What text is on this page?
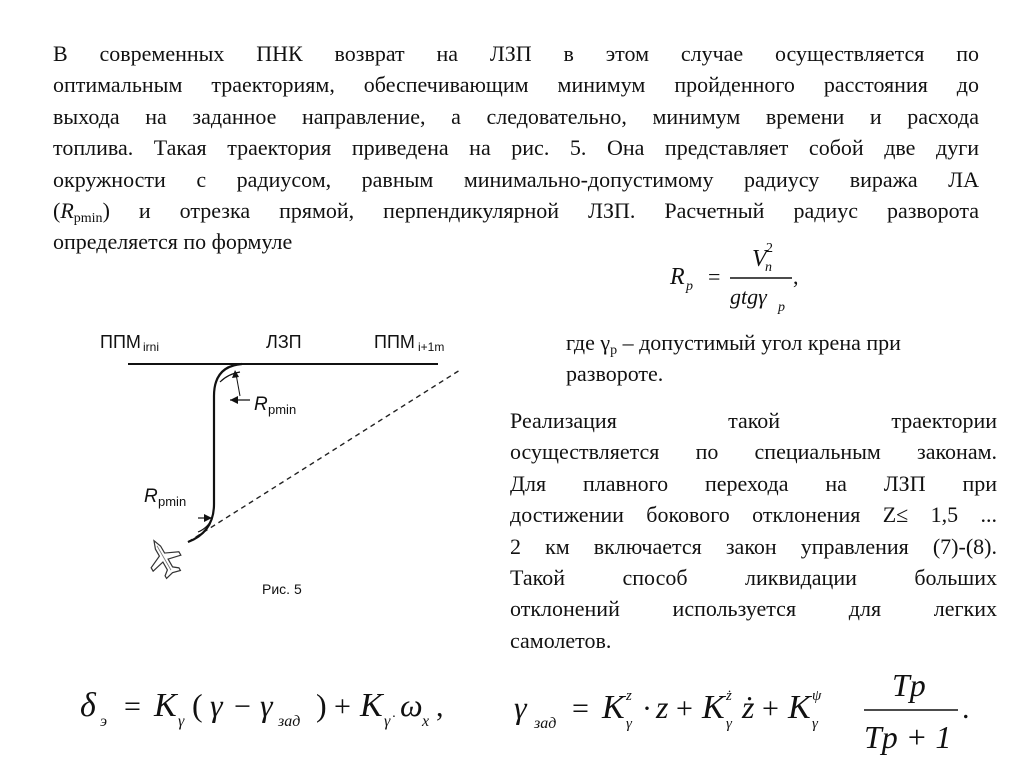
В современных ПНК возврат на ЛЗП в этом случае осуществляется по
оптимальным траекториям, обеспечивающим минимум пройденного расстояния до
выхода на заданное направление, а следовательно, минимум времени и расхода
топлива. Такая траектория приведена на рис. 5. Она представляет собой две дуги
окружности с радиусом, равным минимально-допустимому радиусу виража ЛА
$(R_{pmin})$ и отрезка прямой, перпендикулярной ЛЗП. Расчетный радиус разворота
определяется по формуле
R p =
V 2
n
gtgγ p
,
ППМ irni	ЛЗП	ППМ i+1m
R pmin
R pmin
Рис. 5
где $\gamma_p$ – допустимый угол крена при
развороте.
Реализация такой траектории
осуществляется по специальным законам.
Для плавного перехода на ЛЗП при
достижении бокового отклонения Z≤ 1,5 ...
2 км включается закон управления (7)-(8).
Такой способ ликвидации больших
отклонений используется для легких
самолетов.
δ э = K γ ( γ − γ зад ) + K γ̇ ω x , γ зад = K z
γ · z + K ż
γ ż + K ψ
γ
Tp
Tp + 1
.
